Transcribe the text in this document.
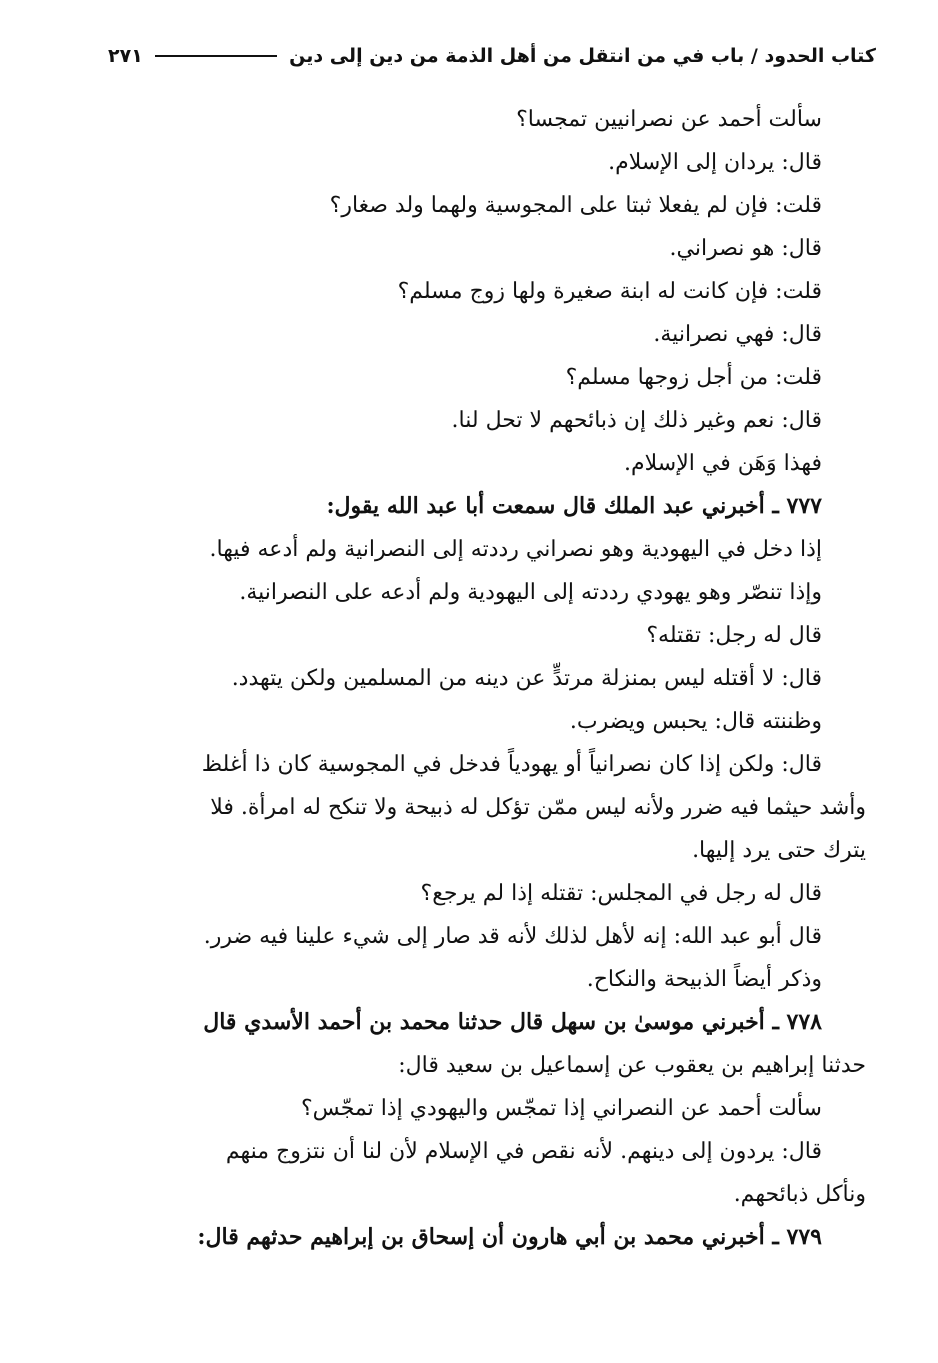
كتاب الحدود / باب في من انتقل من أهل الذمة من دين إلى دين
٢٧١
سألت أحمد عن نصرانيين تمجسا؟
قال: يردان إلى الإسلام.
قلت: فإن لم يفعلا ثبتا على المجوسية ولهما ولد صغار؟
قال: هو نصراني.
قلت: فإن كانت له ابنة صغيرة ولها زوج مسلم؟
قال: فهي نصرانية.
قلت: من أجل زوجها مسلم؟
قال: نعم وغير ذلك إن ذبائحهم لا تحل لنا.
فهذا وَهَن في الإسلام.
٧٧٧ ـ أخبرني عبد الملك قال سمعت أبا عبد الله يقول:
إذا دخل في اليهودية وهو نصراني رددته إلى النصرانية ولم أدعه فيها.
وإذا تنصّر وهو يهودي رددته إلى اليهودية ولم أدعه على النصرانية.
قال له رجل: تقتله؟
قال: لا أقتله ليس بمنزلة مرتدٍّ عن دينه من المسلمين ولكن يتهدد.
وظننته قال: يحبس ويضرب.
قال: ولكن إذا كان نصرانياً أو يهودياً فدخل في المجوسية كان ذا أغلظ
وأشد حيثما فيه ضرر ولأنه ليس ممّن تؤكل له ذبيحة ولا تنكح له امرأة. فلا
يترك حتى يرد إليها.
قال له رجل في المجلس: تقتله إذا لم يرجع؟
قال أبو عبد الله: إنه لأهل لذلك لأنه قد صار إلى شيء علينا فيه ضرر.
وذكر أيضاً الذبيحة والنكاح.
٧٧٨ ـ أخبرني موسىٰ بن سهل قال حدثنا محمد بن أحمد الأسدي قال
حدثنا إبراهيم بن يعقوب عن إسماعيل بن سعيد قال:
سألت أحمد عن النصراني إذا تمجّس واليهودي إذا تمجّس؟
قال: يردون إلى دينهم. لأنه نقص في الإسلام لأن لنا أن نتزوج منهم
ونأكل ذبائحهم.
٧٧٩ ـ أخبرني محمد بن أبي هارون أن إسحاق بن إبراهيم حدثهم قال:
